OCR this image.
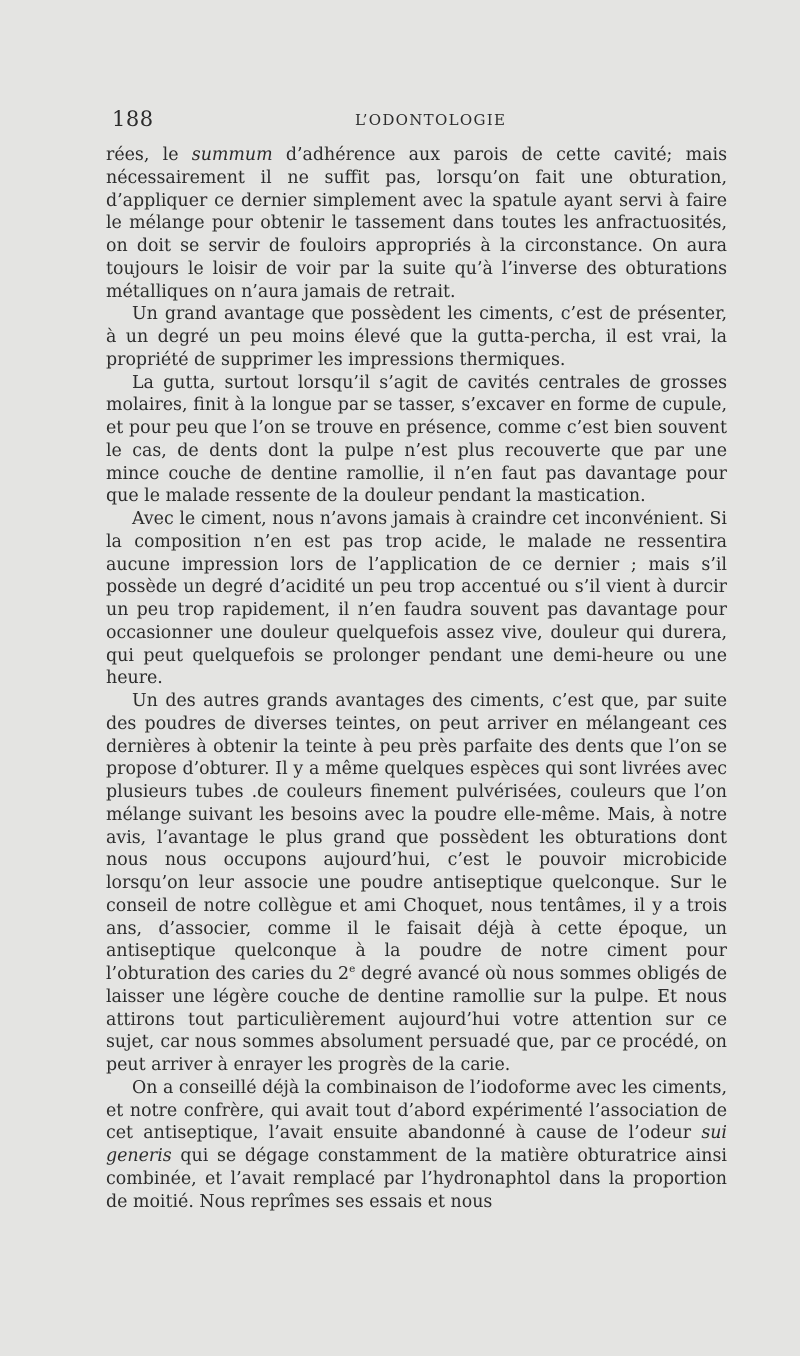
188	L’ODONTOLOGIE

rées, le summum d’adhérence aux parois de cette cavité; mais nécessairement il ne suffit pas, lorsqu’on fait une obturation, d’appliquer ce dernier simplement avec la spatule ayant servi à faire le mélange pour obtenir le tassement dans toutes les anfractuosités, on doit se servir de fouloirs appropriés à la circonstance. On aura toujours le loisir de voir par la suite qu’à l’inverse des obturations métalliques on n’aura jamais de retrait.

Un grand avantage que possèdent les ciments, c’est de présenter, à un degré un peu moins élevé que la gutta-percha, il est vrai, la propriété de supprimer les impressions thermiques.

La gutta, surtout lorsqu’il s’agit de cavités centrales de grosses molaires, finit à la longue par se tasser, s’excaver en forme de cupule, et pour peu que l’on se trouve en présence, comme c’est bien souvent le cas, de dents dont la pulpe n’est plus recouverte que par une mince couche de dentine ramollie, il n’en faut pas davantage pour que le malade ressente de la douleur pendant la mastication.

Avec le ciment, nous n’avons jamais à craindre cet inconvénient. Si la composition n’en est pas trop acide, le malade ne ressentira aucune impression lors de l’application de ce dernier ; mais s’il possède un degré d’acidité un peu trop accentué ou s’il vient à durcir un peu trop rapidement, il n’en faudra souvent pas davantage pour occasionner une douleur quelquefois assez vive, douleur qui durera, qui peut quelquefois se prolonger pendant une demi-heure ou une heure.

Un des autres grands avantages des ciments, c’est que, par suite des poudres de diverses teintes, on peut arriver en mélangeant ces dernières à obtenir la teinte à peu près parfaite des dents que l’on se propose d’obturer. Il y a même quelques espèces qui sont livrées avec plusieurs tubes .de couleurs finement pulvérisées, couleurs que l’on mélange suivant les besoins avec la poudre elle-même. Mais, à notre avis, l’avantage le plus grand que possèdent les obturations dont nous nous occupons aujourd’hui, c’est le pouvoir microbicide lorsqu’on leur associe une poudre antiseptique quelconque. Sur le conseil de notre collègue et ami Choquet, nous tentâmes, il y a trois ans, d’associer, comme il le faisait déjà à cette époque, un antiseptique quelconque à la poudre de notre ciment pour l’obturation des caries du 2e degré avancé où nous sommes obligés de laisser une légère couche de dentine ramollie sur la pulpe. Et nous attirons tout particulièrement aujourd’hui votre attention sur ce sujet, car nous sommes absolument persuadé que, par ce procédé, on peut arriver à enrayer les progrès de la carie.

On a conseillé déjà la combinaison de l’iodoforme avec les ciments, et notre confrère, qui avait tout d’abord expérimenté l’association de cet antiseptique, l’avait ensuite abandonné à cause de l’odeur sui generis qui se dégage constamment de la matière obturatrice ainsi combinée, et l’avait remplacé par l’hydronaphtol dans la proportion de moitié. Nous reprîmes ses essais et nous
